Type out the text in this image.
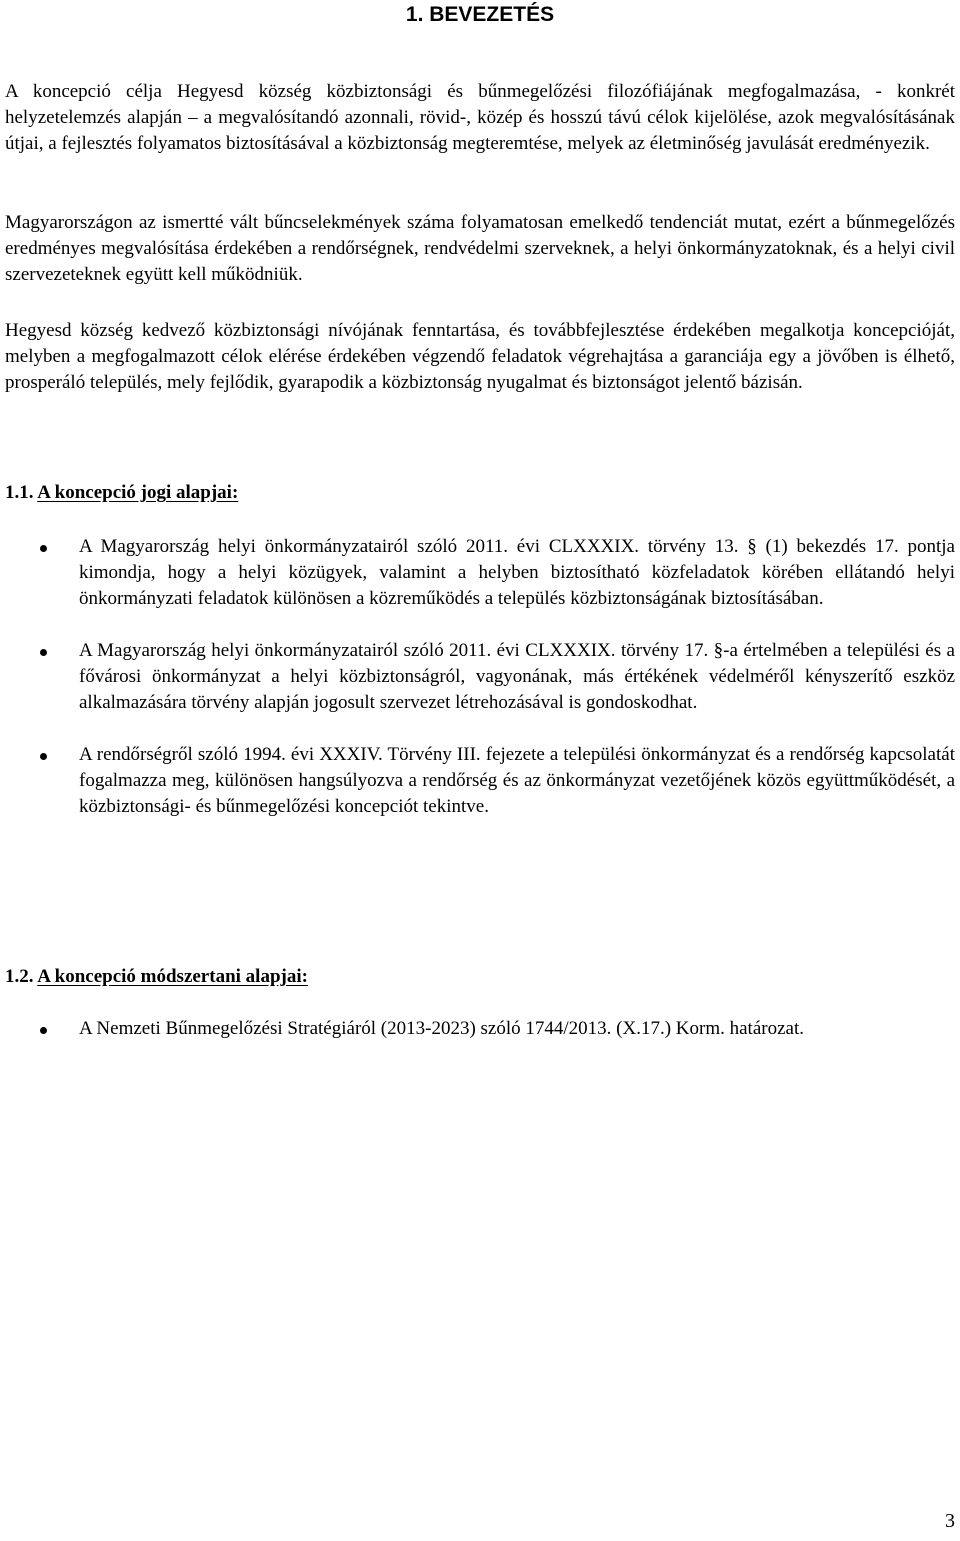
1. BEVEZETÉS

A koncepció célja Hegyesd község közbiztonsági és bűnmegelőzési filozófiájának megfogalmazása, - konkrét helyzetelemzés alapján – a megvalósítandó azonnali, rövid-, közép és hosszú távú célok kijelölése, azok megvalósításának útjai, a fejlesztés folyamatos biztosításával a közbiztonság megteremtése, melyek az életminőség javulását eredményezik.

Magyarországon az ismertté vált bűncselekmények száma folyamatosan emelkedő tendenciát mutat, ezért a bűnmegelőzés eredményes megvalósítása érdekében a rendőrségnek, rendvédelmi szerveknek, a helyi önkormányzatoknak, és a helyi civil szervezeteknek együtt kell működniük.

Hegyesd község kedvező közbiztonsági nívójának fenntartása, és továbbfejlesztése érdekében megalkotja koncepcióját, melyben a megfogalmazott célok elérése érdekében végzendő feladatok végrehajtása a garanciája egy a jövőben is élhető, prosperáló település, mely fejlődik, gyarapodik a közbiztonság nyugalmat és biztonságot jelentő bázisán.

1.1. A koncepció jogi alapjai:
A Magyarország helyi önkormányzatairól szóló 2011. évi CLXXXIX. törvény 13. § (1) bekezdés 17. pontja kimondja, hogy a helyi közügyek, valamint a helyben biztosítható közfeladatok körében ellátandó helyi önkormányzati feladatok különösen a közreműködés a település közbiztonságának biztosításában.
A Magyarország helyi önkormányzatairól szóló 2011. évi CLXXXIX. törvény 17. §-a értelmében a települési és a fővárosi önkormányzat a helyi közbiztonságról, vagyonának, más értékének védelméről kényszerítő eszköz alkalmazására törvény alapján jogosult szervezet létrehozásával is gondoskodhat.
A rendőrségről szóló 1994. évi XXXIV. Törvény III. fejezete a települési önkormányzat és a rendőrség kapcsolatát fogalmazza meg, különösen hangsúlyozva a rendőrség és az önkormányzat vezetőjének közös együttműködését, a közbiztonsági- és bűnmegelőzési koncepciót tekintve.
1.2. A koncepció módszertani alapjai:
A Nemzeti Bűnmegelőzési Stratégiáról (2013-2023) szóló 1744/2013. (X.17.) Korm. határozat.
3
